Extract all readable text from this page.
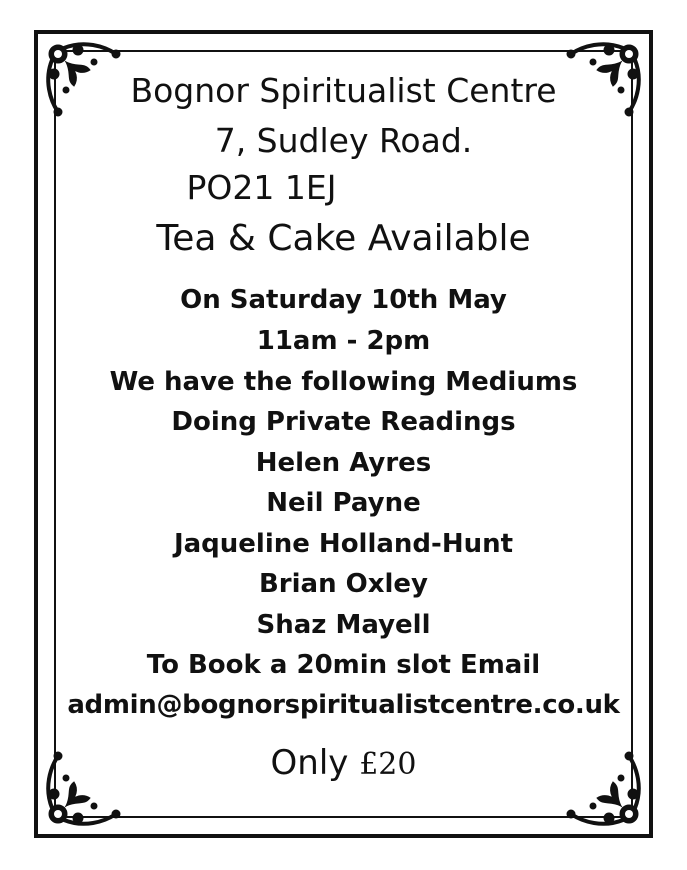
Bognor Spiritualist Centre
7, Sudley Road.
PO21 1EJ
Tea & Cake Available
On Saturday 10th May
11am - 2pm
We have the following Mediums
Doing Private Readings
Helen Ayres
Neil Payne
Jaqueline Holland-Hunt
Brian Oxley
Shaz Mayell
To Book a 20min slot Email
admin@bognorspiritualistcentre.co.uk
Only £20
